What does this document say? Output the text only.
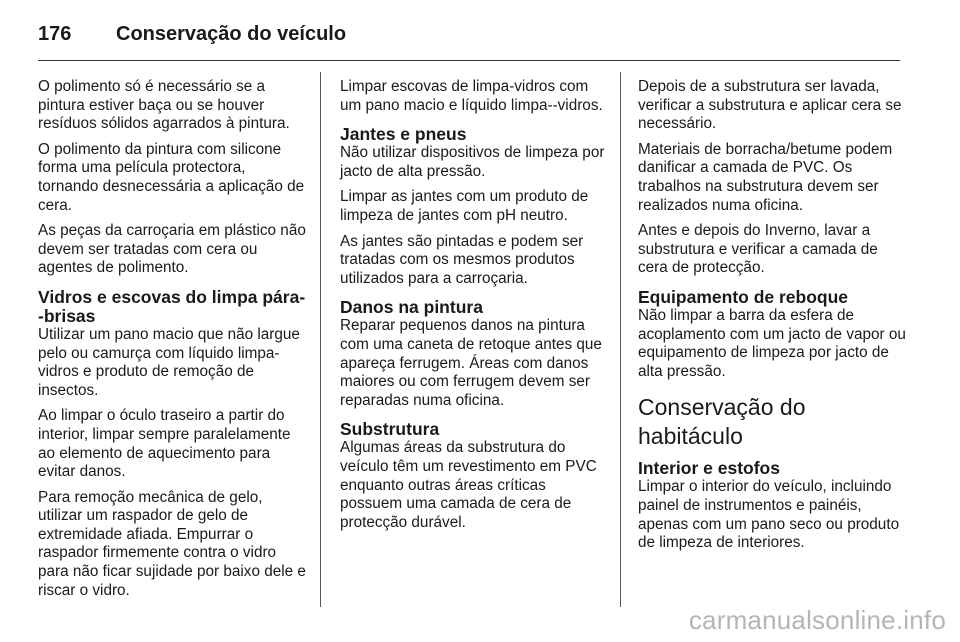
176	Conservação do veículo

O polimento só é necessário se a pintura estiver baça ou se houver resíduos sólidos agarrados à pintura.

O polimento da pintura com silicone forma uma película protectora, tornando desnecessária a aplicação de cera.

As peças da carroçaria em plástico não devem ser tratadas com cera ou agentes de polimento.

Vidros e escovas do limpa pára--brisas

Utilizar um pano macio que não largue pelo ou camurça com líquido limpa-vidros e produto de remoção de insectos.

Ao limpar o óculo traseiro a partir do interior, limpar sempre paralelamente ao elemento de aquecimento para evitar danos.

Para remoção mecânica de gelo, utilizar um raspador de gelo de extremidade afiada. Empurrar o raspador firmemente contra o vidro para não ficar sujidade por baixo dele e riscar o vidro.

Limpar escovas de limpa-vidros com um pano macio e líquido limpa--vidros.

Jantes e pneus

Não utilizar dispositivos de limpeza por jacto de alta pressão.

Limpar as jantes com um produto de limpeza de jantes com pH neutro.

As jantes são pintadas e podem ser tratadas com os mesmos produtos utilizados para a carroçaria.

Danos na pintura

Reparar pequenos danos na pintura com uma caneta de retoque antes que apareça ferrugem. Áreas com danos maiores ou com ferrugem devem ser reparadas numa oficina.

Substrutura

Algumas áreas da substrutura do veículo têm um revestimento em PVC enquanto outras áreas críticas possuem uma camada de cera de protecção durável.

Depois de a substrutura ser lavada, verificar a substrutura e aplicar cera se necessário.

Materiais de borracha/betume podem danificar a camada de PVC. Os trabalhos na substrutura devem ser realizados numa oficina.

Antes e depois do Inverno, lavar a substrutura e verificar a camada de cera de protecção.

Equipamento de reboque

Não limpar a barra da esfera de acoplamento com um jacto de vapor ou equipamento de limpeza por jacto de alta pressão.

Conservação do habitáculo
Interior e estofos

Limpar o interior do veículo, incluindo painel de instrumentos e painéis, apenas com um pano seco ou produto de limpeza de interiores.

carmanualsonline.info
